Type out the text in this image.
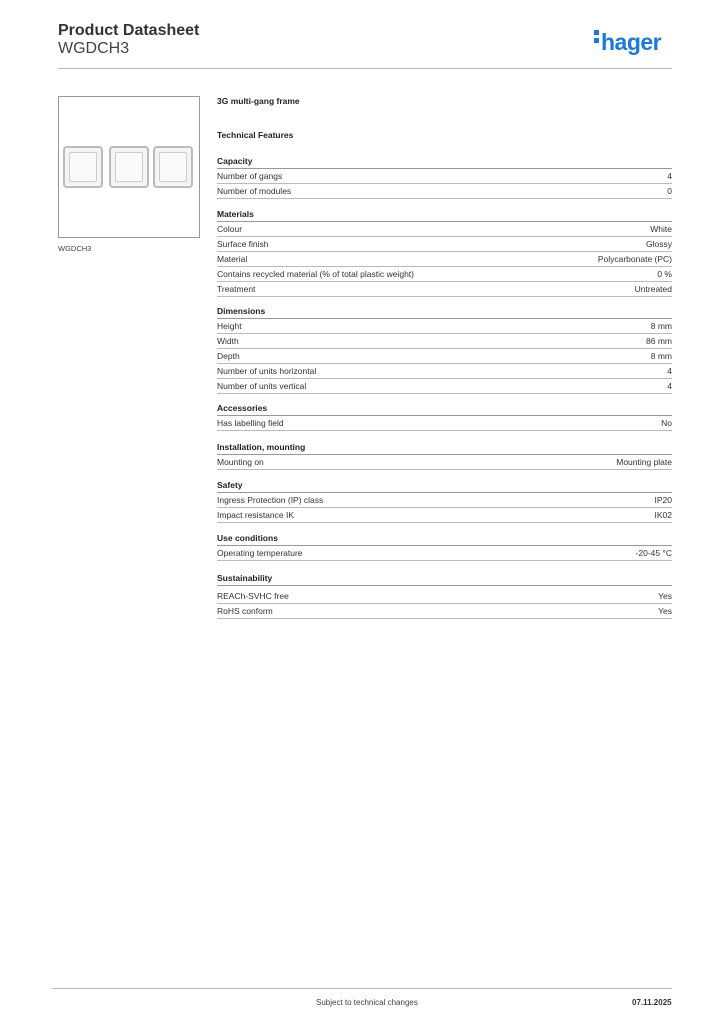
Product Datasheet
WGDCH3	hager
WGDCH3
3G multi-gang frame
Technical Features
Capacity
Number of gangs	4
Number of modules	0
Materials
Colour	White
Surface finish	Glossy
Material	Polycarbonate (PC)
Contains recycled material (% of total plastic weight)	0 %
Treatment	Untreated
Dimensions
Height	8 mm
Width	86 mm
Depth	8 mm
Number of units horizontal	4
Number of units vertical	4
Accessories
Has labelling field	No
Installation, mounting
Mounting on	Mounting plate
Safety
Ingress Protection (IP) class	IP20
Impact resistance IK	IK02
Use conditions
Operating temperature	-20-45 °C
Sustainability
REACh-SVHC free	Yes
RoHS conform	Yes
Subject to technical changes	07.11.2025
